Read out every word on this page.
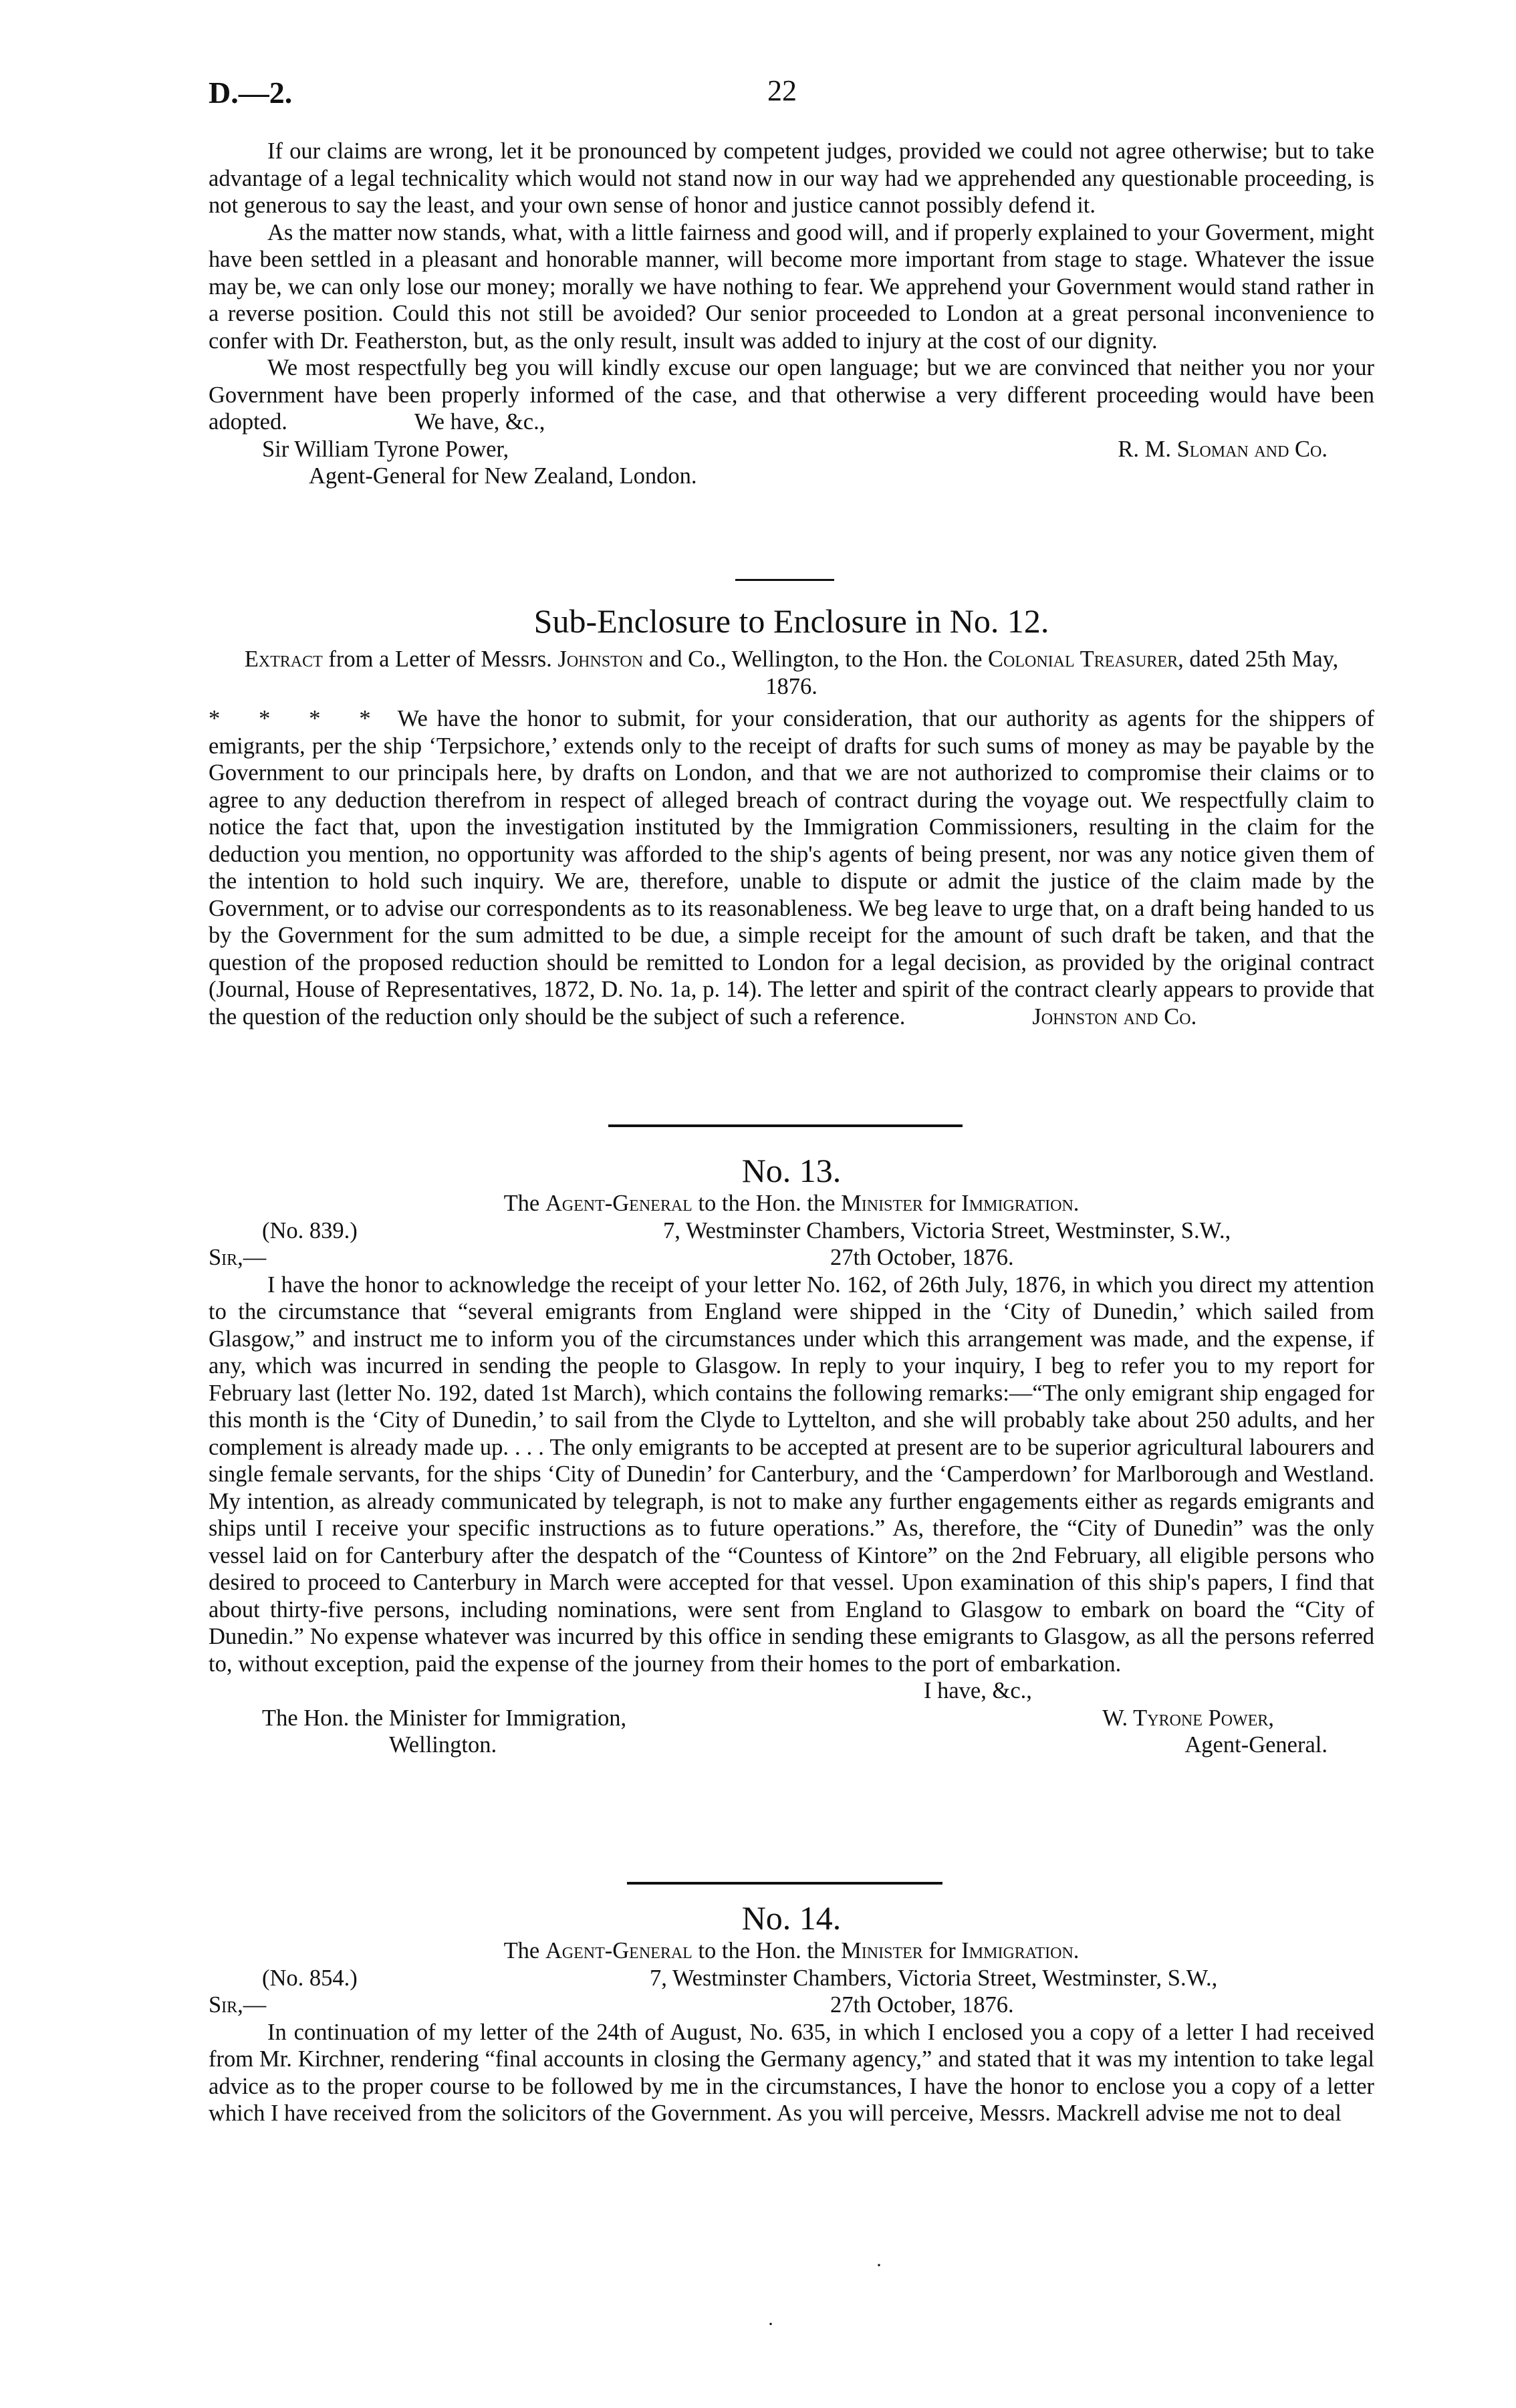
D.—2.	22

If our claims are wrong, let it be pronounced by competent judges, provided we could not agree otherwise; but to take advantage of a legal technicality which would not stand now in our way had we apprehended any questionable proceeding, is not generous to say the least, and your own sense of honor and justice cannot possibly defend it.

As the matter now stands, what, with a little fairness and good will, and if properly explained to your Goverment, might have been settled in a pleasant and honorable manner, will become more important from stage to stage. Whatever the issue may be, we can only lose our money; morally we have nothing to fear. We apprehend your Government would stand rather in a reverse position. Could this not still be avoided? Our senior proceeded to London at a great personal inconvenience to confer with Dr. Featherston, but, as the only result, insult was added to injury at the cost of our dignity.

We most respectfully beg you will kindly excuse our open language; but we are convinced that neither you nor your Government have been properly informed of the case, and that otherwise a very different proceeding would have been adopted.	We have, &c.,

Sir William Tyrone Power,	R. M. Sloman and Co.
Agent-General for New Zealand, London.
Sub-Enclosure to Enclosure in No. 12.
Extract from a Letter of Messrs. Johnston and Co., Wellington, to the Hon. the Colonial Treasurer, dated 25th May, 1876.

* * * * We have the honor to submit, for your consideration, that our authority as agents for the shippers of emigrants, per the ship ‘Terpsichore,’ extends only to the receipt of drafts for such sums of money as may be payable by the Government to our principals here, by drafts on London, and that we are not authorized to compromise their claims or to agree to any deduction therefrom in respect of alleged breach of contract during the voyage out. We respectfully claim to notice the fact that, upon the investigation instituted by the Immigration Commissioners, resulting in the claim for the deduction you mention, no opportunity was afforded to the ship's agents of being present, nor was any notice given them of the intention to hold such inquiry. We are, therefore, unable to dispute or admit the justice of the claim made by the Government, or to advise our correspondents as to its reasonableness. We beg leave to urge that, on a draft being handed to us by the Government for the sum admitted to be due, a simple receipt for the amount of such draft be taken, and that the question of the proposed reduction should be remitted to London for a legal decision, as provided by the original contract (Journal, House of Representatives, 1872, D. No. 1a, p. 14). The letter and spirit of the contract clearly appears to provide that the question of the reduction only should be the subject of such a reference.	Johnston and Co.

No. 13.
The Agent-General to the Hon. the Minister for Immigration.
(No. 839.)	7, Westminster Chambers, Victoria Street, Westminster, S.W.,
Sir,—	27th October, 1876.

I have the honor to acknowledge the receipt of your letter No. 162, of 26th July, 1876, in which you direct my attention to the circumstance that “several emigrants from England were shipped in the ‘City of Dunedin,’ which sailed from Glasgow,” and instruct me to inform you of the circumstances under which this arrangement was made, and the expense, if any, which was incurred in sending the people to Glasgow. In reply to your inquiry, I beg to refer you to my report for February last (letter No. 192, dated 1st March), which contains the following remarks:—“The only emigrant ship engaged for this month is the ‘City of Dunedin,’ to sail from the Clyde to Lyttelton, and she will probably take about 250 adults, and her complement is already made up. . . . The only emigrants to be accepted at present are to be superior agricultural labourers and single female servants, for the ships ‘City of Dunedin’ for Canterbury, and the ‘Camperdown’ for Marlborough and Westland. My intention, as already communicated by telegraph, is not to make any further engagements either as regards emigrants and ships until I receive your specific instructions as to future operations.” As, therefore, the “City of Dunedin” was the only vessel laid on for Canterbury after the despatch of the “Countess of Kintore” on the 2nd February, all eligible persons who desired to proceed to Canterbury in March were accepted for that vessel. Upon examination of this ship's papers, I find that about thirty-five persons, including nominations, were sent from England to Glasgow to embark on board the “City of Dunedin.” No expense whatever was incurred by this office in sending these emigrants to Glasgow, as all the persons referred to, without exception, paid the expense of the journey from their homes to the port of embarkation.

I have, &c.,
The Hon. the Minister for Immigration,	W. Tyrone Power,
Wellington.	Agent-General.
No. 14.
The Agent-General to the Hon. the Minister for Immigration.
(No. 854.)	7, Westminster Chambers, Victoria Street, Westminster, S.W.,
Sir,—	27th October, 1876.

In continuation of my letter of the 24th of August, No. 635, in which I enclosed you a copy of a letter I had received from Mr. Kirchner, rendering “final accounts in closing the Germany agency,” and stated that it was my intention to take legal advice as to the proper course to be followed by me in the circumstances, I have the honor to enclose you a copy of a letter which I have received from the solicitors of the Government. As you will perceive, Messrs. Mackrell advise me not to deal

·
·
